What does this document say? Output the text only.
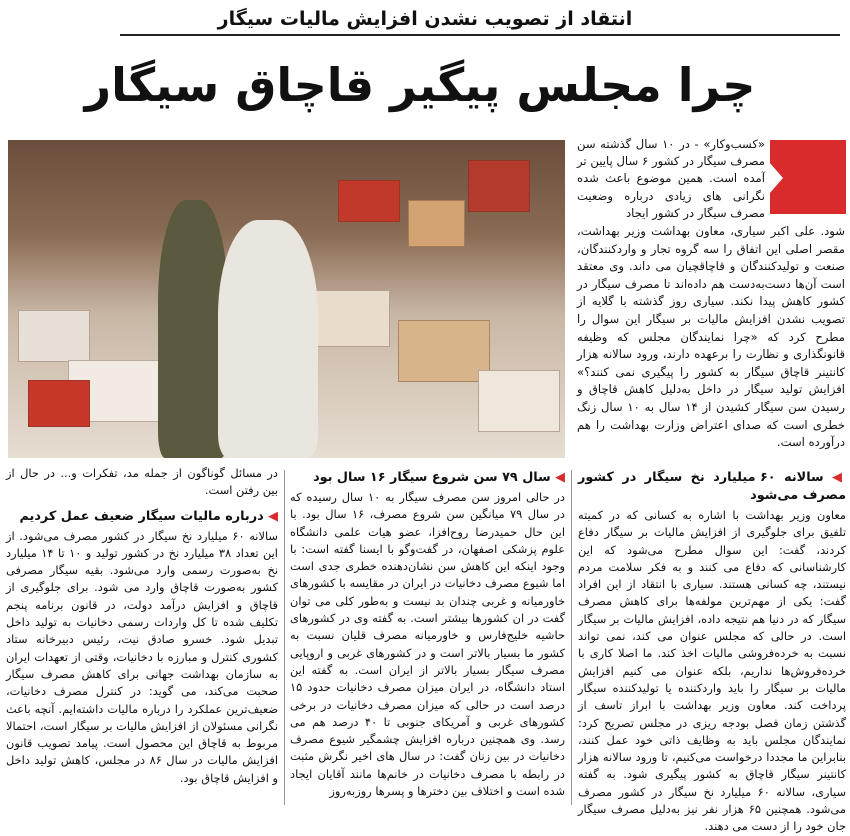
انتقاد از تصویب نشدن افزایش مالیات سیگار
چرا مجلس پیگیر قاچاق سیگار
«کسب‌وکار» - در ۱۰ سال گذشته سن مصرف سیگار در کشور ۶ سال پایین تر آمده است. همین موضوع باعث شده نگرانی های زیادی درباره وضعیت مصرف سیگار در کشور ایجاد
شود. علی اکبر سیاری، معاون بهداشت وزیر بهداشت، مقصر اصلی این اتفاق را سه گروه تجار و واردکنندگان، صنعت و تولیدکنندگان و قاچاقچیان می داند. وی معتقد است آن‌ها دست‌به‌دست هم داده‌اند تا مصرف سیگار در کشور کاهش پیدا نکند. سیاری روز گذشته با گلایه از تصویب نشدن افزایش مالیات بر سیگار این سوال را مطرح کرد که «چرا نمایندگان مجلس که وظیفه قانونگذاری و نظارت را برعهده دارند، ورود سالانه هزار کانتینر قاچاق سیگار به کشور را پیگیری نمی کنند؟» افزایش تولید سیگار در داخل به‌دلیل کاهش قاچاق و رسیدن سن سیگار کشیدن از ۱۴ سال به ۱۰ سال زنگ خطری است که صدای اعتراض وزارت بهداشت را هم درآورده است.
◀ سالانه ۶۰ میلیارد نخ سیگار در کشور مصرف می‌شود

معاون وزیر بهداشت با اشاره به کسانی که در کمیته تلفیق برای جلوگیری از افزایش مالیات بر سیگار دفاع کردند، گفت: این سوال مطرح می‌شود که این کارشناسانی که دفاع می کنند و به فکر سلامت مردم نیستند، چه کسانی هستند. سیاری با انتقاد از این افراد گفت: یکی از مهم‌ترین مولفه‌ها برای کاهش مصرف سیگار که در دنیا هم نتیجه داده، افزایش مالیات بر سیگار است. در حالی که مجلس عنوان می کند، نمی تواند نسبت به خرده‌فروشی مالیات اخذ کند. ما اصلا کاری با خرده‌فروش‌ها نداریم، بلکه عنوان می کنیم افزایش مالیات بر سیگار را باید واردکننده یا تولیدکننده سیگار پرداخت کند. معاون وزیر بهداشت با ابراز تاسف از گذشتن زمان فصل بودجه ریزی در مجلس تصریح کرد: نمایندگان مجلس باید به وظایف ذاتی خود عمل کنند، بنابراین ما مجددا درخواست می‌کنیم، تا ورود سالانه هزار کانتینر سیگار قاچاق به کشور پیگیری شود. به گفته سیاری، سالانه ۶۰ میلیارد نخ سیگار در کشور مصرف می‌شود. همچنین ۶۵ هزار نفر نیز به‌دلیل مصرف سیگار جان خود را از دست می دهند.

◀ سال ۷۹ سن شروع سیگار ۱۶ سال بود

در حالی امروز سن مصرف سیگار به ۱۰ سال رسیده که در سال ۷۹ میانگین سن شروع مصرف، ۱۶ سال بود. با این حال حمیدرضا روح‌افزا، عضو هیات علمی دانشگاه علوم پزشکی اصفهان، در گفت‌وگو با ایسنا گفته است: با وجود اینکه این کاهش سن نشان‌دهنده خطری جدی است اما شیوع مصرف دخانیات در ایران در مقایسه با کشورهای خاورمیانه و غربی چندان بد نیست و به‌طور کلی می توان گفت در ان کشورها بیشتر است. به گفته وی در کشورهای حاشیه خلیج‌فارس و خاورمیانه مصرف قلیان نسبت به کشور ما بسیار بالاتر است و در کشورهای غربی و اروپایی مصرف سیگار بسیار بالاتر از ایران است. به گفته این استاد دانشگاه، در ایران میزان مصرف دخانیات حدود ۱۵ درصد است در حالی که میزان مصرف دخانیات در برخی کشورهای غربی و آمریکای جنوبی تا ۴۰ درصد هم می رسد. وی همچنین درباره افزایش چشمگیر شیوع مصرف دخانیات در بین زنان گفت: در سال های اخیر نگرش مثبت در رابطه با مصرف دخانیات در خانم‌ها مانند آقایان ایجاد شده است و اختلاف بین دختر‌ها و پسر‌ها روزبه‌روز

در مسائل گوناگون از جمله مد، تفکرات و... در حال از بین رفتن است.

◀ درباره مالیات سیگار ضعیف عمل کردیم

سالانه ۶۰ میلیارد نخ سیگار در کشور مصرف می‌شود. از این تعداد ۳۸ میلیارد نخ در کشور تولید و ۱۰ تا ۱۴ میلیارد نخ به‌صورت رسمی وارد می‌شود. بقیه سیگار مصرفی کشور به‌صورت قاچاق وارد می شود. برای جلوگیری از قاچاق و افزایش درآمد دولت، در قانون برنامه پنجم تکلیف شده تا کل واردات رسمی دخانیات به تولید داخل تبدیل شود. خسرو صادق نیت، رئیس دبیرخانه ستاد کشوری کنترل و مبارزه با دخانیات، وقتی از تعهدات ایران به سازمان بهداشت جهانی برای کاهش مصرف سیگار صحبت می‌کند، می گوید: در کنترل مصرف دخانیات، ضعیف‌ترین عملکرد را درباره مالیات داشته‌ایم. آنچه باعث نگرانی مسئولان از افزایش مالیات بر سیگار است، احتمالا مربوط به قاچاق این محصول است. پیامد تصویب قانون افزایش مالیات در سال ۸۶ در مجلس، کاهش تولید داخل و افزایش قاچاق بود.
